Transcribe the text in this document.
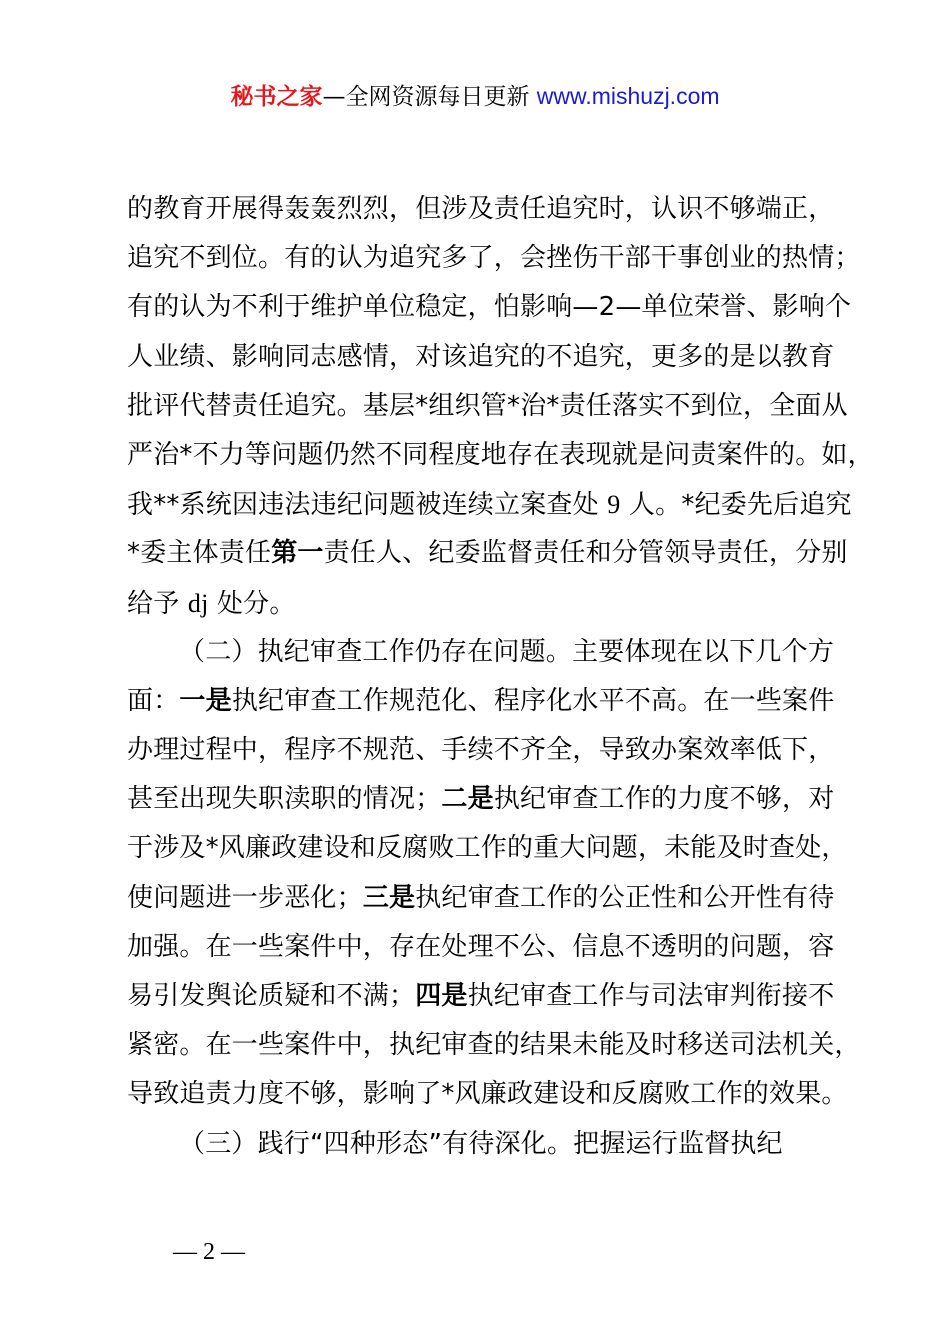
秘书之家—全网资源每日更新 www.mishuzj.com
的教育开展得轰轰烈烈，但涉及责任追究时，认识不够端正，
追究不到位。有的认为追究多了，会挫伤干部干事创业的热情；
有的认为不利于维护单位稳定，怕影响—2—单位荣誉、影响个
人业绩、影响同志感情，对该追究的不追究，更多的是以教育
批评代替责任追究。基层*组织管*治*责任落实不到位，全面从
严治*不力等问题仍然不同程度地存在表现就是问责案件的。如，
我**系统因违法违纪问题被连续立案查处 9 人。*纪委先后追究
*委主体责任第一责任人、纪委监督责任和分管领导责任，分别
给予 dj 处分。
（二）执纪审查工作仍存在问题。主要体现在以下几个方
面：一是执纪审查工作规范化、程序化水平不高。在一些案件
办理过程中，程序不规范、手续不齐全，导致办案效率低下，
甚至出现失职渎职的情况；二是执纪审查工作的力度不够，对
于涉及*风廉政建设和反腐败工作的重大问题，未能及时查处，
使问题进一步恶化；三是执纪审查工作的公正性和公开性有待
加强。在一些案件中，存在处理不公、信息不透明的问题，容
易引发舆论质疑和不满；四是执纪审查工作与司法审判衔接不
紧密。在一些案件中，执纪审查的结果未能及时移送司法机关，
导致追责力度不够，影响了*风廉政建设和反腐败工作的效果。
（三）践行“四种形态”有待深化。把握运行监督执纪
— 2 —
